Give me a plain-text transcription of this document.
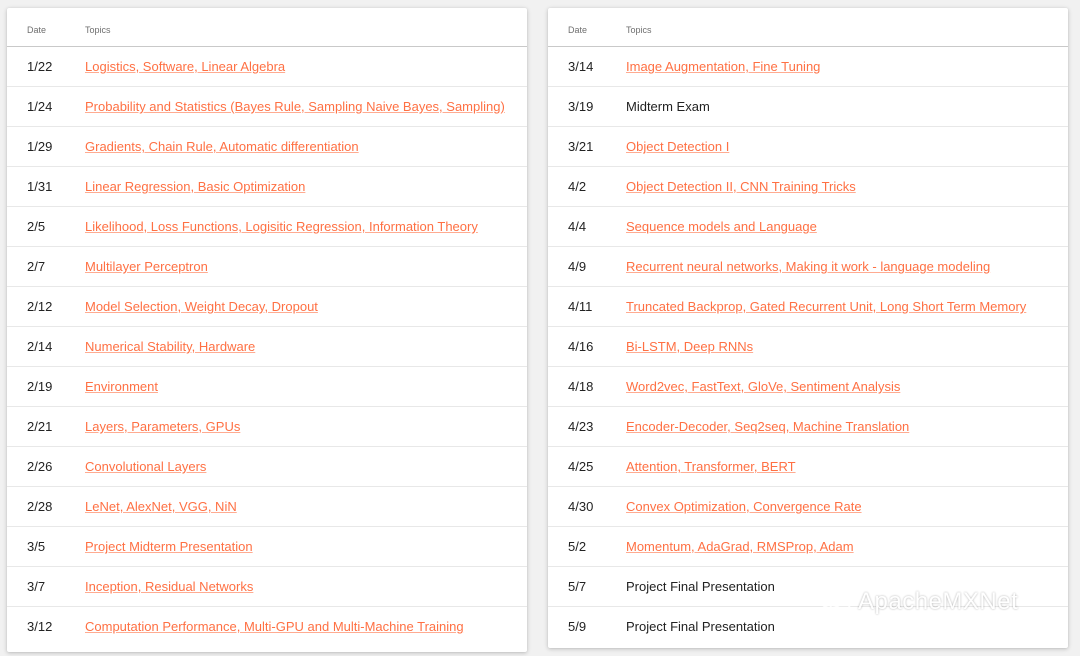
Date	Topics
1/22	Logistics, Software, Linear Algebra
1/24	Probability and Statistics (Bayes Rule, Sampling Naive Bayes, Sampling)
1/29	Gradients, Chain Rule, Automatic differentiation
1/31	Linear Regression, Basic Optimization
2/5	Likelihood, Loss Functions, Logisitic Regression, Information Theory
2/7	Multilayer Perceptron
2/12	Model Selection, Weight Decay, Dropout
2/14	Numerical Stability, Hardware
2/19	Environment
2/21	Layers, Parameters, GPUs
2/26	Convolutional Layers
2/28	LeNet, AlexNet, VGG, NiN
3/5	Project Midterm Presentation
3/7	Inception, Residual Networks
3/12	Computation Performance, Multi-GPU and Multi-Machine Training
Date	Topics
3/14	Image Augmentation, Fine Tuning
3/19	Midterm Exam
3/21	Object Detection I
4/2	Object Detection II, CNN Training Tricks
4/4	Sequence models and Language
4/9	Recurrent neural networks, Making it work - language modeling
4/11	Truncated Backprop, Gated Recurrent Unit, Long Short Term Memory
4/16	Bi-LSTM, Deep RNNs
4/18	Word2vec, FastText, GloVe, Sentiment Analysis
4/23	Encoder-Decoder, Seq2seq, Machine Translation
4/25	Attention, Transformer, BERT
4/30	Convex Optimization, Convergence Rate
5/2	Momentum, AdaGrad, RMSProp, Adam
5/7	Project Final Presentation
5/9	Project Final Presentation
ApacheMXNet
